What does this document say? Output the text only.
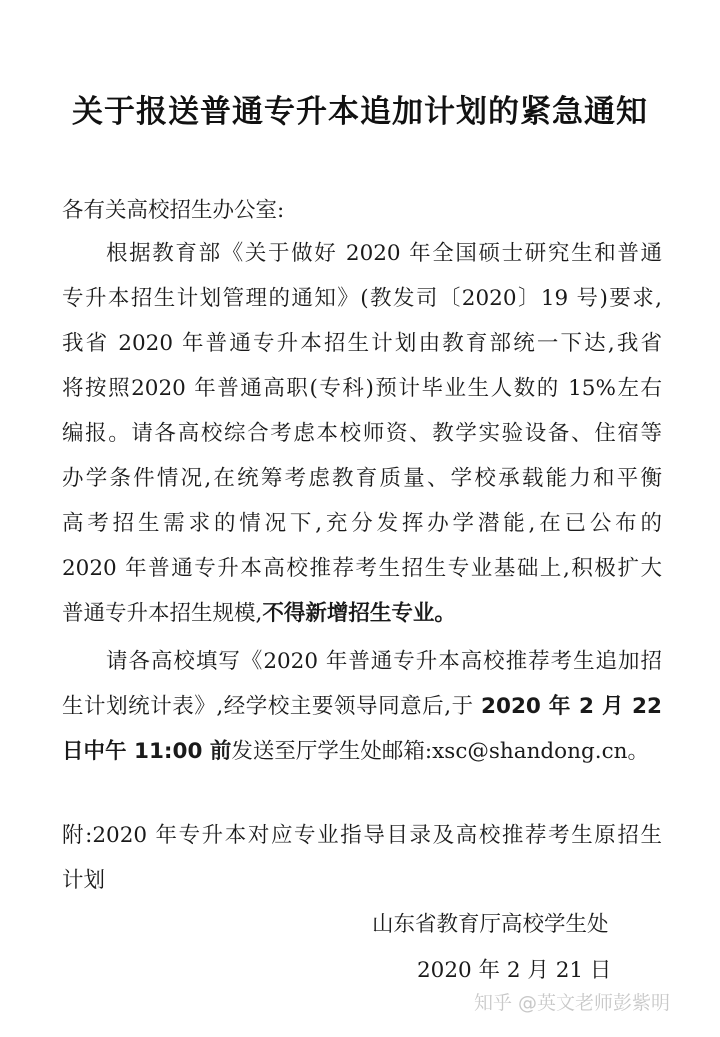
关于报送普通专升本追加计划的紧急通知
各有关高校招生办公室:
根据教育部《关于做好 2020 年全国硕士研究生和普通
专升本招生计划管理的通知》(教发司〔2020〕19 号)要求,
我省 2020 年普通专升本招生计划由教育部统一下达,我省
将按照2020 年普通高职(专科)预计毕业生人数的 15%左右
编报。请各高校综合考虑本校师资、教学实验设备、住宿等
办学条件情况,在统筹考虑教育质量、学校承载能力和平衡
高考招生需求的情况下,充分发挥办学潜能,在已公布的
2020 年普通专升本高校推荐考生招生专业基础上,积极扩大
普通专升本招生规模,不得新增招生专业。
请各高校填写《2020 年普通专升本高校推荐考生追加招
生计划统计表》,经学校主要领导同意后,于 2020 年 2 月 22
日中午 11:00 前发送至厅学生处邮箱:xsc@shandong.cn。
附:2020 年专升本对应专业指导目录及高校推荐考生原招生
计划
山东省教育厅高校学生处
2020 年 2 月 21 日
知乎 @英文老师彭紫明
